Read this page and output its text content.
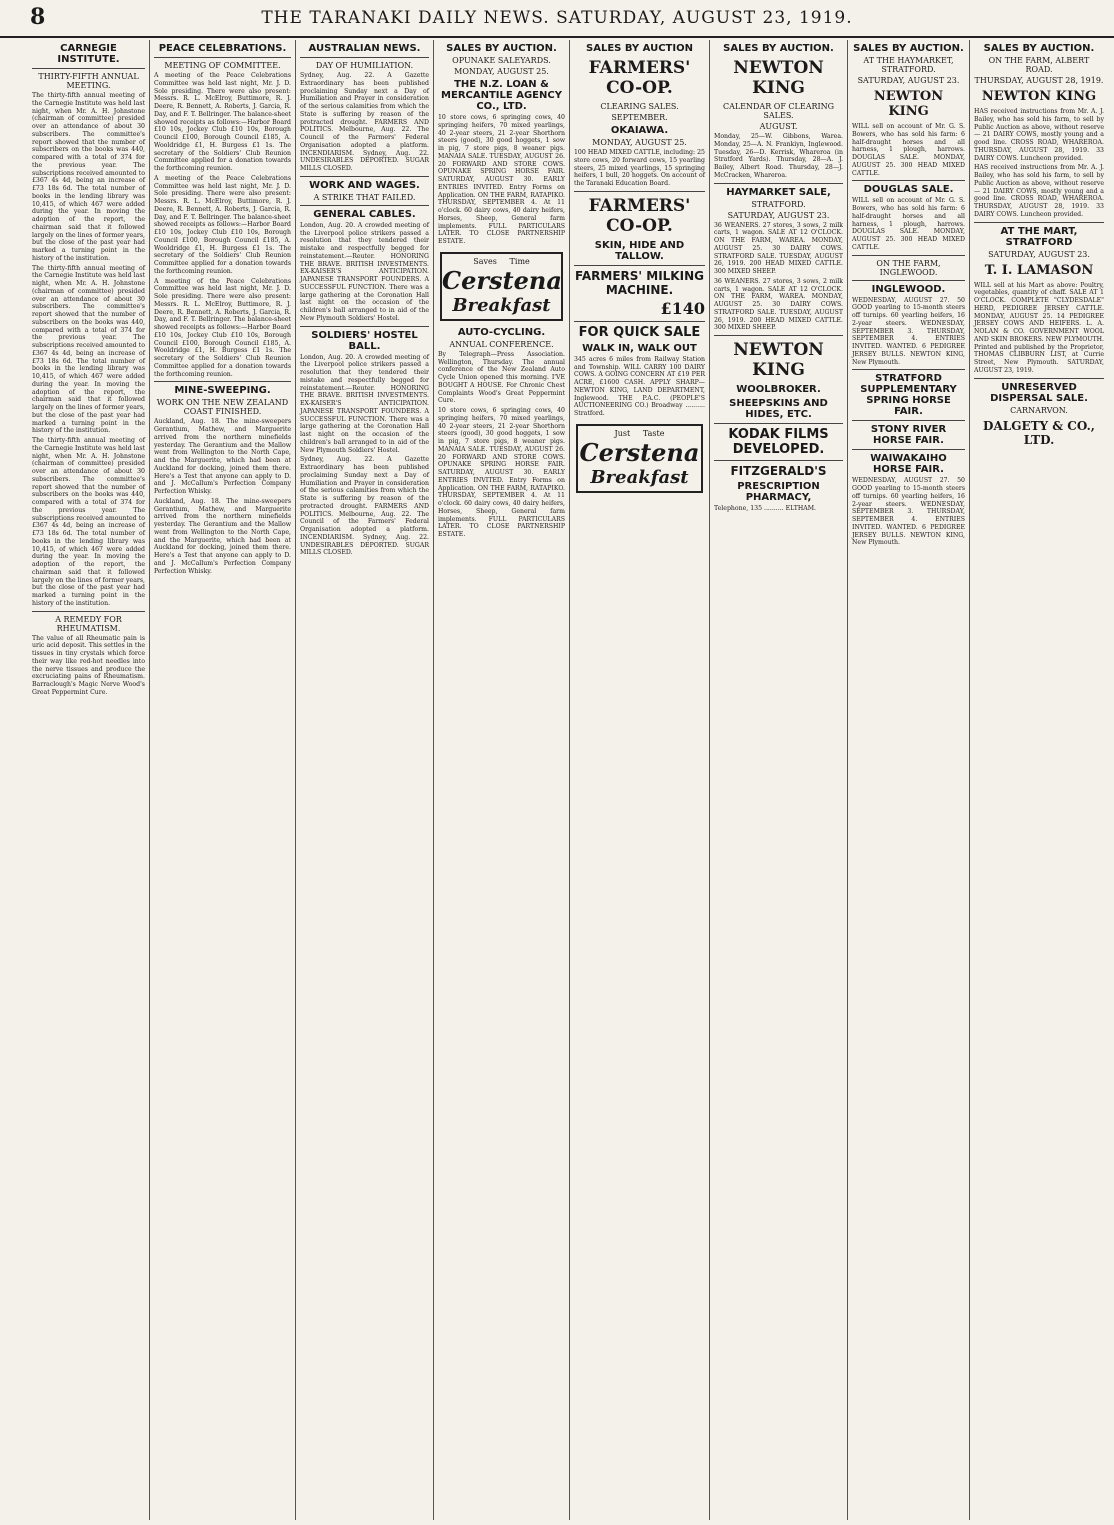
8	THE TARANAKI DAILY NEWS. SATURDAY, AUGUST 23, 1919.
CARNEGIE INSTITUTE.
THIRTY-FIFTH ANNUAL MEETING.
The thirty-fifth annual meeting of the Carnegie Institute was held last night, when Mr. A. H. Johnstone (chairman of committee) presided over an attendance of about 30 subscribers. The committee's report showed that the number of subscribers on the books was 440, compared with a total of 374 for the previous year. The subscriptions received amounted to £367 4s 4d, being an increase of £73 18s 6d. The total number of books in the lending library was 10,415, of which 467 were added during the year. In moving the adoption of the report, the chairman said that it followed largely on the lines of former years, but the close of the past year had marked a turning point in the history of the institution.
The thirty-fifth annual meeting of the Carnegie Institute was held last night, when Mr. A. H. Johnstone (chairman of committee) presided over an attendance of about 30 subscribers. The committee's report showed that the number of subscribers on the books was 440, compared with a total of 374 for the previous year. The subscriptions received amounted to £367 4s 4d, being an increase of £73 18s 6d. The total number of books in the lending library was 10,415, of which 467 were added during the year. In moving the adoption of the report, the chairman said that it followed largely on the lines of former years, but the close of the past year had marked a turning point in the history of the institution.
The thirty-fifth annual meeting of the Carnegie Institute was held last night, when Mr. A. H. Johnstone (chairman of committee) presided over an attendance of about 30 subscribers. The committee's report showed that the number of subscribers on the books was 440, compared with a total of 374 for the previous year. The subscriptions received amounted to £367 4s 4d, being an increase of £73 18s 6d. The total number of books in the lending library was 10,415, of which 467 were added during the year. In moving the adoption of the report, the chairman said that it followed largely on the lines of former years, but the close of the past year had marked a turning point in the history of the institution.
A REMEDY FOR RHEUMATISM.
The value of all Rheumatic pain is uric acid deposit. This settles in the tissues in tiny crystals which force their way like red-hot needles into the nerve tissues and produce the excruciating pains of Rheumatism. Barraclough's Magic Nerve Wood's Great Peppermint Cure.
PEACE CELEBRATIONS.
MEETING OF COMMITTEE.
A meeting of the Peace Celebrations Committee was held last night, Mr. J. D. Sole presiding. There were also present: Messrs. R. L. McElroy, Buttimore, R. J. Deere, R. Bennett, A. Roberts, J. Garcia, R. Day, and F. T. Bellringer. The balance-sheet showed receipts as follows:—Harbor Board £10 10s, Jockey Club £10 10s, Borough Council £100, Borough Council £185, A. Wooldridge £1, H. Burgess £1 1s. The secretary of the Soldiers' Club Reunion Committee applied for a donation towards the forthcoming reunion.
A meeting of the Peace Celebrations Committee was held last night, Mr. J. D. Sole presiding. There were also present: Messrs. R. L. McElroy, Buttimore, R. J. Deere, R. Bennett, A. Roberts, J. Garcia, R. Day, and F. T. Bellringer. The balance-sheet showed receipts as follows:—Harbor Board £10 10s, Jockey Club £10 10s, Borough Council £100, Borough Council £185, A. Wooldridge £1, H. Burgess £1 1s. The secretary of the Soldiers' Club Reunion Committee applied for a donation towards the forthcoming reunion.
A meeting of the Peace Celebrations Committee was held last night, Mr. J. D. Sole presiding. There were also present: Messrs. R. L. McElroy, Buttimore, R. J. Deere, R. Bennett, A. Roberts, J. Garcia, R. Day, and F. T. Bellringer. The balance-sheet showed receipts as follows:—Harbor Board £10 10s, Jockey Club £10 10s, Borough Council £100, Borough Council £185, A. Wooldridge £1, H. Burgess £1 1s. The secretary of the Soldiers' Club Reunion Committee applied for a donation towards the forthcoming reunion.
MINE-SWEEPING.
WORK ON THE NEW ZEALAND COAST FINISHED.
Auckland, Aug. 18. The mine-sweepers Gerantium, Mathew, and Marguerite arrived from the northern minefields yesterday. The Gerantium and the Mallow went from Wellington to the North Cape, and the Marguerite, which had been at Auckland for docking, joined them there. Here's a Test that anyone can apply to D. and J. McCallum's Perfection Company Perfection Whisky.
Auckland, Aug. 18. The mine-sweepers Gerantium, Mathew, and Marguerite arrived from the northern minefields yesterday. The Gerantium and the Mallow went from Wellington to the North Cape, and the Marguerite, which had been at Auckland for docking, joined them there. Here's a Test that anyone can apply to D. and J. McCallum's Perfection Company Perfection Whisky.
AUSTRALIAN NEWS.
DAY OF HUMILIATION.
Sydney, Aug. 22. A Gazette Extraordinary has been published proclaiming Sunday next a Day of Humiliation and Prayer in consideration of the serious calamities from which the State is suffering by reason of the protracted drought. FARMERS AND POLITICS. Melbourne, Aug. 22. The Council of the Farmers' Federal Organisation adopted a platform. INCENDIARISM. Sydney, Aug. 22. UNDESIRABLES DEPORTED. SUGAR MILLS CLOSED.
WORK AND WAGES.
A STRIKE THAT FAILED.
GENERAL CABLES.
London, Aug. 20. A crowded meeting of the Liverpool police strikers passed a resolution that they tendered their mistake and respectfully begged for reinstatement.—Reuter. HONORING THE BRAVE. BRITISH INVESTMENTS. EX-KAISER'S ANTICIPATION. JAPANESE TRANSPORT FOUNDERS. A SUCCESSFUL FUNCTION. There was a large gathering at the Coronation Hall last night on the occasion of the children's ball arranged to in aid of the New Plymouth Soldiers' Hostel.
SOLDIERS' HOSTEL BALL.
London, Aug. 20. A crowded meeting of the Liverpool police strikers passed a resolution that they tendered their mistake and respectfully begged for reinstatement.—Reuter. HONORING THE BRAVE. BRITISH INVESTMENTS. EX-KAISER'S ANTICIPATION. JAPANESE TRANSPORT FOUNDERS. A SUCCESSFUL FUNCTION. There was a large gathering at the Coronation Hall last night on the occasion of the children's ball arranged to in aid of the New Plymouth Soldiers' Hostel.
Sydney, Aug. 22. A Gazette Extraordinary has been published proclaiming Sunday next a Day of Humiliation and Prayer in consideration of the serious calamities from which the State is suffering by reason of the protracted drought. FARMERS AND POLITICS. Melbourne, Aug. 22. The Council of the Farmers' Federal Organisation adopted a platform. INCENDIARISM. Sydney, Aug. 22. UNDESIRABLES DEPORTED. SUGAR MILLS CLOSED.
SALES BY AUCTION.
OPUNAKE SALEYARDS.
MONDAY, AUGUST 25.
THE N.Z. LOAN & MERCANTILE AGENCY CO., LTD.
10 store cows, 6 springing cows, 40 springing heifers, 70 mixed yearlings, 40 2-year steers, 21 2-year Shorthorn steers (good), 30 good hoggets, 1 sow in pig, 7 store pigs, 8 weaner pigs. MANAIA SALE. TUESDAY, AUGUST 26. 20 FORWARD AND STORE COWS. OPUNAKE SPRING HORSE FAIR. SATURDAY, AUGUST 30. EARLY ENTRIES INVITED. Entry Forms on Application. ON THE FARM, RATAPIKO. THURSDAY, SEPTEMBER 4. At 11 o'clock. 60 dairy cows, 40 dairy heifers, Horses, Sheep, General farm implements. FULL PARTICULARS LATER. TO CLOSE PARTNERSHIP ESTATE.
Saves Time
Cerstena
Breakfast
AUTO-CYCLING.
ANNUAL CONFERENCE.
By Telegraph—Press Association. Wellington, Thursday. The annual conference of the New Zealand Auto Cycle Union opened this morning. I'VE BOUGHT A HOUSE. For Chronic Chest Complaints Wood's Great Peppermint Cure.
10 store cows, 6 springing cows, 40 springing heifers, 70 mixed yearlings, 40 2-year steers, 21 2-year Shorthorn steers (good), 30 good hoggets, 1 sow in pig, 7 store pigs, 8 weaner pigs. MANAIA SALE. TUESDAY, AUGUST 26. 20 FORWARD AND STORE COWS. OPUNAKE SPRING HORSE FAIR. SATURDAY, AUGUST 30. EARLY ENTRIES INVITED. Entry Forms on Application. ON THE FARM, RATAPIKO. THURSDAY, SEPTEMBER 4. At 11 o'clock. 60 dairy cows, 40 dairy heifers, Horses, Sheep, General farm implements. FULL PARTICULARS LATER. TO CLOSE PARTNERSHIP ESTATE.
SALES BY AUCTION
FARMERS' CO-OP.
CLEARING SALES.
SEPTEMBER.
OKAIAWA.
MONDAY, AUGUST 25.
100 HEAD MIXED CATTLE, including: 25 store cows, 20 forward cows, 15 yearling steers, 25 mixed yearlings, 15 springing heifers, 1 bull, 20 hoggets. On account of the Taranaki Education Board.
FARMERS' CO-OP.
SKIN, HIDE AND TALLOW.
FARMERS' MILKING MACHINE.
£140
FOR QUICK SALE
WALK IN, WALK OUT
345 acres 6 miles from Railway Station and Township. WILL CARRY 100 DAIRY COWS. A GOING CONCERN AT £19 PER ACRE, £1600 CASH. APPLY SHARP— NEWTON KING, LAND DEPARTMENT, Inglewood. THE P.A.C. (PEOPLE'S AUCTIONEERING CO.) Broadway .......... Stratford.
Just Taste
Cerstena
Breakfast
SALES BY AUCTION.
NEWTON KING
CALENDAR OF CLEARING SALES.
AUGUST.
Monday, 25—W. Gibbons, Warea. Monday, 25—A. N. Frankiyn, Inglewood. Tuesday, 26—D. Kerrisk, Whareroa (in Stratford Yards). Thursday, 28—A. J. Bailey, Albert Road. Thursday, 28—J. McCracken, Whareroa.
HAYMARKET SALE,
STRATFORD.
SATURDAY, AUGUST 23.
36 WEANERS. 27 stores, 3 sows, 2 milk carts, 1 wagon. SALE AT 12 O'CLOCK. ON THE FARM, WAREA. MONDAY, AUGUST 25. 30 DAIRY COWS. STRATFORD SALE. TUESDAY, AUGUST 26, 1919. 200 HEAD MIXED CATTLE. 300 MIXED SHEEP.
36 WEANERS. 27 stores, 3 sows, 2 milk carts, 1 wagon. SALE AT 12 O'CLOCK. ON THE FARM, WAREA. MONDAY, AUGUST 25. 30 DAIRY COWS. STRATFORD SALE. TUESDAY, AUGUST 26, 1919. 200 HEAD MIXED CATTLE. 300 MIXED SHEEP.
NEWTON KING
WOOLBROKER.
SHEEPSKINS AND HIDES, ETC.
KODAK FILMS DEVELOPED.
FITZGERALD'S
PRESCRIPTION PHARMACY,
Telephone, 135 .......... ELTHAM.
SALES BY AUCTION.
AT THE HAYMARKET, STRATFORD.
SATURDAY, AUGUST 23.
NEWTON KING
WILL sell on account of Mr. G. S. Bowers, who has sold his farm: 6 half-draught horses and all harness, 1 plough, harrows. DOUGLAS SALE. MONDAY, AUGUST 25. 300 HEAD MIXED CATTLE.
DOUGLAS SALE.
WILL sell on account of Mr. G. S. Bowers, who has sold his farm: 6 half-draught horses and all harness, 1 plough, harrows. DOUGLAS SALE. MONDAY, AUGUST 25. 300 HEAD MIXED CATTLE.
ON THE FARM, INGLEWOOD.
INGLEWOOD.
WEDNESDAY, AUGUST 27. 50 GOOD yearling to 15-month steers off turnips. 60 yearling heifers, 16 2-year steers. WEDNESDAY, SEPTEMBER 3. THURSDAY, SEPTEMBER 4. ENTRIES INVITED. WANTED. 6 PEDIGREE JERSEY BULLS. NEWTON KING, New Plymouth.
STRATFORD SUPPLEMENTARY SPRING HORSE FAIR.
STONY RIVER HORSE FAIR.
WAIWAKAIHO HORSE FAIR.
WEDNESDAY, AUGUST 27. 50 GOOD yearling to 15-month steers off turnips. 60 yearling heifers, 16 2-year steers. WEDNESDAY, SEPTEMBER 3. THURSDAY, SEPTEMBER 4. ENTRIES INVITED. WANTED. 6 PEDIGREE JERSEY BULLS. NEWTON KING, New Plymouth.
SALES BY AUCTION.
ON THE FARM, ALBERT ROAD.
THURSDAY, AUGUST 28, 1919.
NEWTON KING
HAS received instructions from Mr. A. J. Bailey, who has sold his farm, to sell by Public Auction as above, without reserve— 21 DAIRY COWS, mostly young and a good line. CROSS ROAD, WHAREROA. THURSDAY, AUGUST 28, 1919. 33 DAIRY COWS. Luncheon provided.
HAS received instructions from Mr. A. J. Bailey, who has sold his farm, to sell by Public Auction as above, without reserve— 21 DAIRY COWS, mostly young and a good line. CROSS ROAD, WHAREROA. THURSDAY, AUGUST 28, 1919. 33 DAIRY COWS. Luncheon provided.
AT THE MART, STRATFORD
SATURDAY, AUGUST 23.
T. I. LAMASON
WILL sell at his Mart as above: Poultry, vegetables, quantity of chaff. SALE AT 1 O'CLOCK. COMPLETE "CLYDESDALE" HERD, PEDIGREE JERSEY CATTLE. MONDAY, AUGUST 25. 14 PEDIGREE JERSEY COWS AND HEIFERS. L. A. NOLAN & CO. GOVERNMENT WOOL AND SKIN BROKERS. NEW PLYMOUTH. Printed and published by the Proprietor, THOMAS CLIBBURN LIST, at Currie Street, New Plymouth. SATURDAY, AUGUST 23, 1919.
UNRESERVED DISPERSAL SALE.
CARNARVON.
DALGETY & CO., LTD.
